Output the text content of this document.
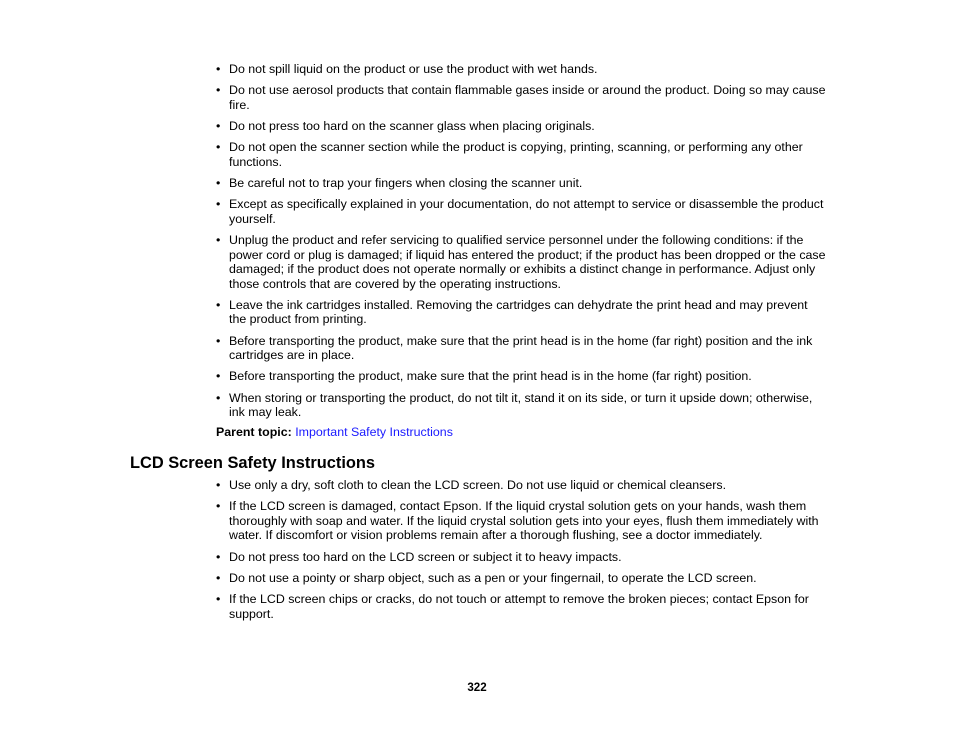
• Do not spill liquid on the product or use the product with wet hands.
• Do not use aerosol products that contain flammable gases inside or around the product. Doing so may cause fire.
• Do not press too hard on the scanner glass when placing originals.
• Do not open the scanner section while the product is copying, printing, scanning, or performing any other functions.
• Be careful not to trap your fingers when closing the scanner unit.
• Except as specifically explained in your documentation, do not attempt to service or disassemble the product yourself.
• Unplug the product and refer servicing to qualified service personnel under the following conditions: if the power cord or plug is damaged; if liquid has entered the product; if the product has been dropped or the case damaged; if the product does not operate normally or exhibits a distinct change in performance. Adjust only those controls that are covered by the operating instructions.
• Leave the ink cartridges installed. Removing the cartridges can dehydrate the print head and may prevent the product from printing.
• Before transporting the product, make sure that the print head is in the home (far right) position and the ink cartridges are in place.
• Before transporting the product, make sure that the print head is in the home (far right) position.
• When storing or transporting the product, do not tilt it, stand it on its side, or turn it upside down; otherwise, ink may leak.
Parent topic: Important Safety Instructions
LCD Screen Safety Instructions
• Use only a dry, soft cloth to clean the LCD screen. Do not use liquid or chemical cleansers.
• If the LCD screen is damaged, contact Epson. If the liquid crystal solution gets on your hands, wash them thoroughly with soap and water. If the liquid crystal solution gets into your eyes, flush them immediately with water. If discomfort or vision problems remain after a thorough flushing, see a doctor immediately.
• Do not press too hard on the LCD screen or subject it to heavy impacts.
• Do not use a pointy or sharp object, such as a pen or your fingernail, to operate the LCD screen.
• If the LCD screen chips or cracks, do not touch or attempt to remove the broken pieces; contact Epson for support.
322
